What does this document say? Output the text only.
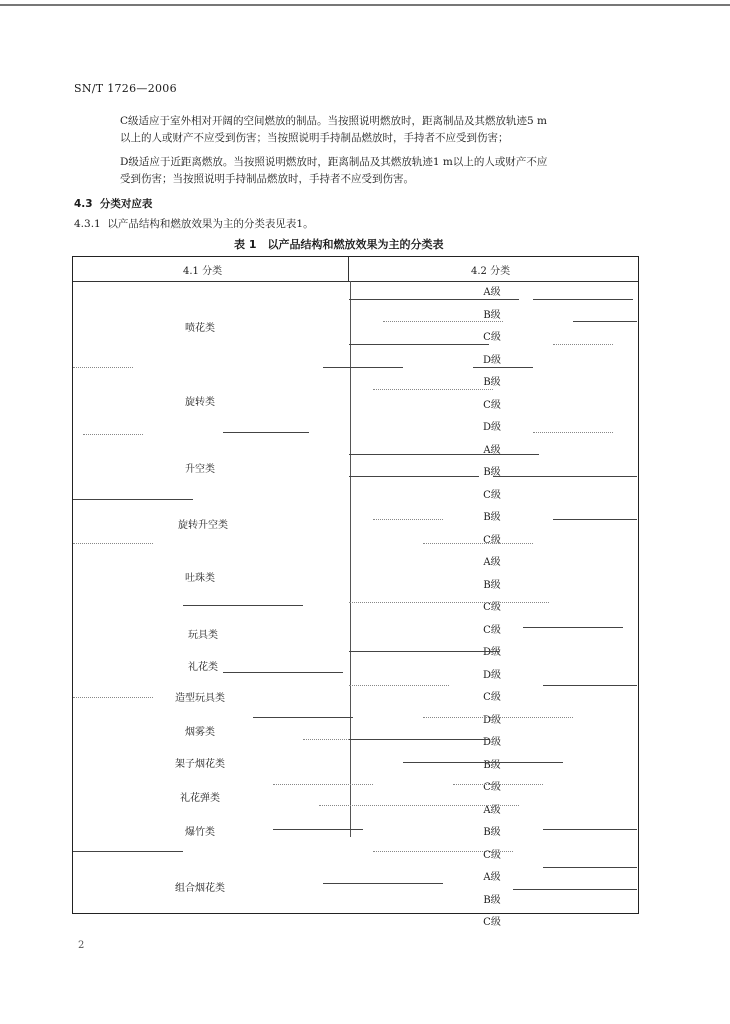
SN/T 1726—2006
C级适应于室外相对开阔的空间燃放的制品。当按照说明燃放时，距离制品及其燃放轨迹5 m
以上的人或财产不应受到伤害；当按照说明手持制品燃放时，手持者不应受到伤害；
D级适应于近距离燃放。当按照说明燃放时，距离制品及其燃放轨迹1 m以上的人或财产不应
受到伤害；当按照说明手持制品燃放时，手持者不应受到伤害。
4.3 分类对应表
4.3.1 以产品结构和燃放效果为主的分类表见表1。
表 1　以产品结构和燃放效果为主的分类表
4.1 分类	4.2 分类
喷花类
旋转类
升空类
旋转升空类
吐珠类
玩具类
礼花类
造型玩具类
烟雾类
架子烟花类
礼花弹类
爆竹类
组合烟花类
A级
B级
C级
D级
B级
C级
D级
A级
B级
C级
B级
C级
A级
B级
C级
C级
D级
D级
C级
D级
D级
B级
C级
A级
B级
C级
A级
B级
C级
2
